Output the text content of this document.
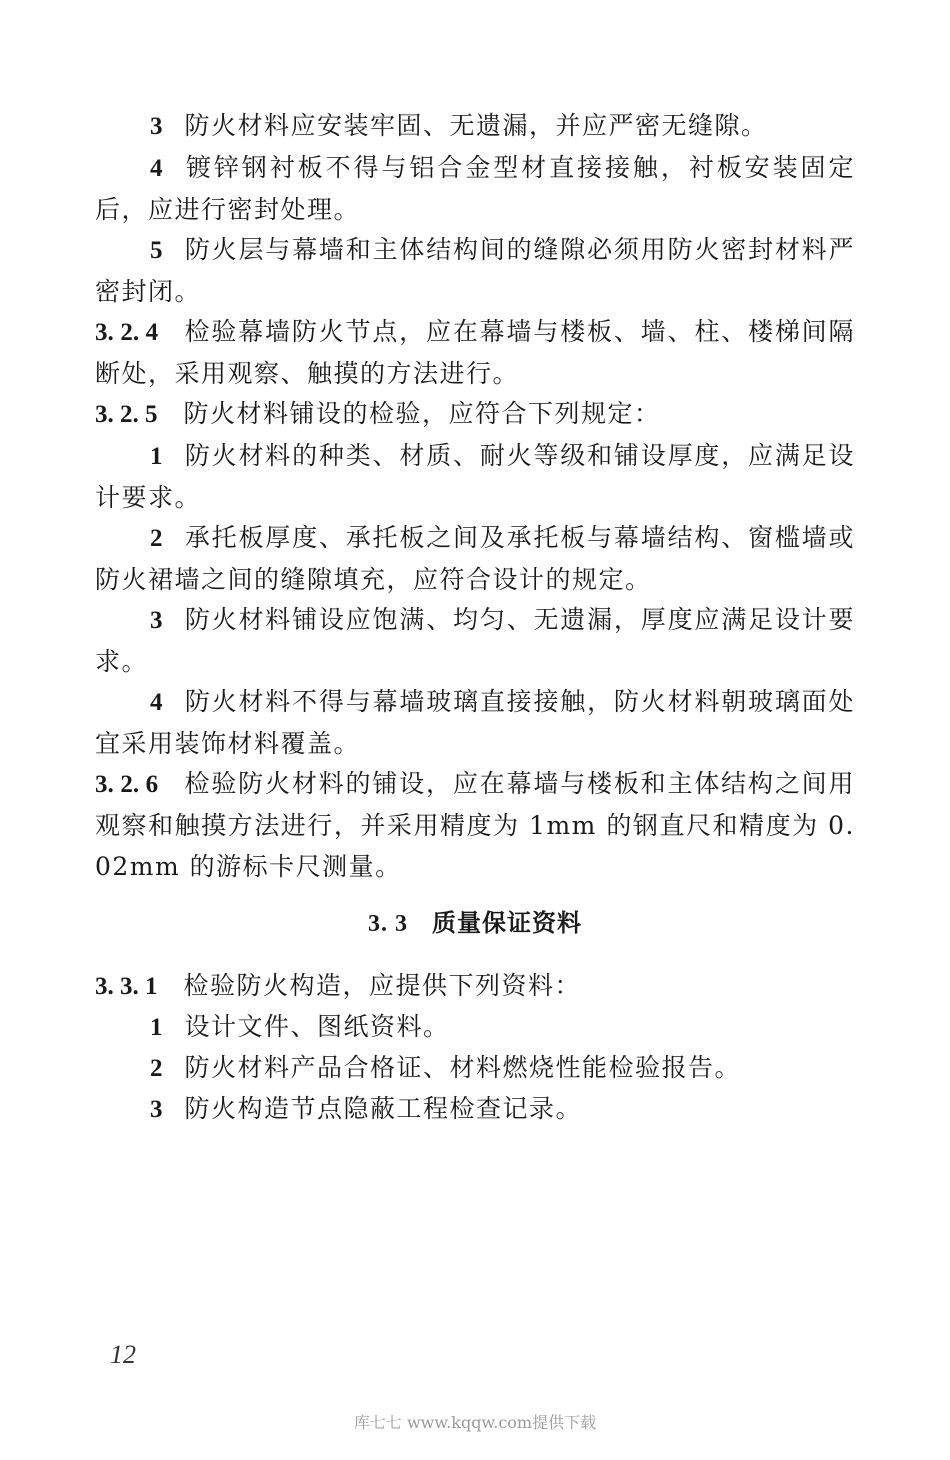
3 防火材料应安装牢固、无遗漏，并应严密无缝隙。

4 镀锌钢衬板不得与铝合金型材直接接触，衬板安装固定后，应进行密封处理。

5 防火层与幕墙和主体结构间的缝隙必须用防火密封材料严密封闭。

3. 2. 4 检验幕墙防火节点，应在幕墙与楼板、墙、柱、楼梯间隔断处，采用观察、触摸的方法进行。

3. 2. 5 防火材料铺设的检验，应符合下列规定：

1 防火材料的种类、材质、耐火等级和铺设厚度，应满足设计要求。

2 承托板厚度、承托板之间及承托板与幕墙结构、窗槛墙或防火裙墙之间的缝隙填充，应符合设计的规定。

3 防火材料铺设应饱满、均匀、无遗漏，厚度应满足设计要求。

4 防火材料不得与幕墙玻璃直接接触，防火材料朝玻璃面处宜采用装饰材料覆盖。

3. 2. 6 检验防火材料的铺设，应在幕墙与楼板和主体结构之间用观察和触摸方法进行，并采用精度为 1mm 的钢直尺和精度为 0. 02mm 的游标卡尺测量。

3. 3 质量保证资料

3. 3. 1 检验防火构造，应提供下列资料：

1 设计文件、图纸资料。

2 防火材料产品合格证、材料燃烧性能检验报告。

3 防火构造节点隐蔽工程检查记录。

12
库七七 www.kqqw.com提供下载
